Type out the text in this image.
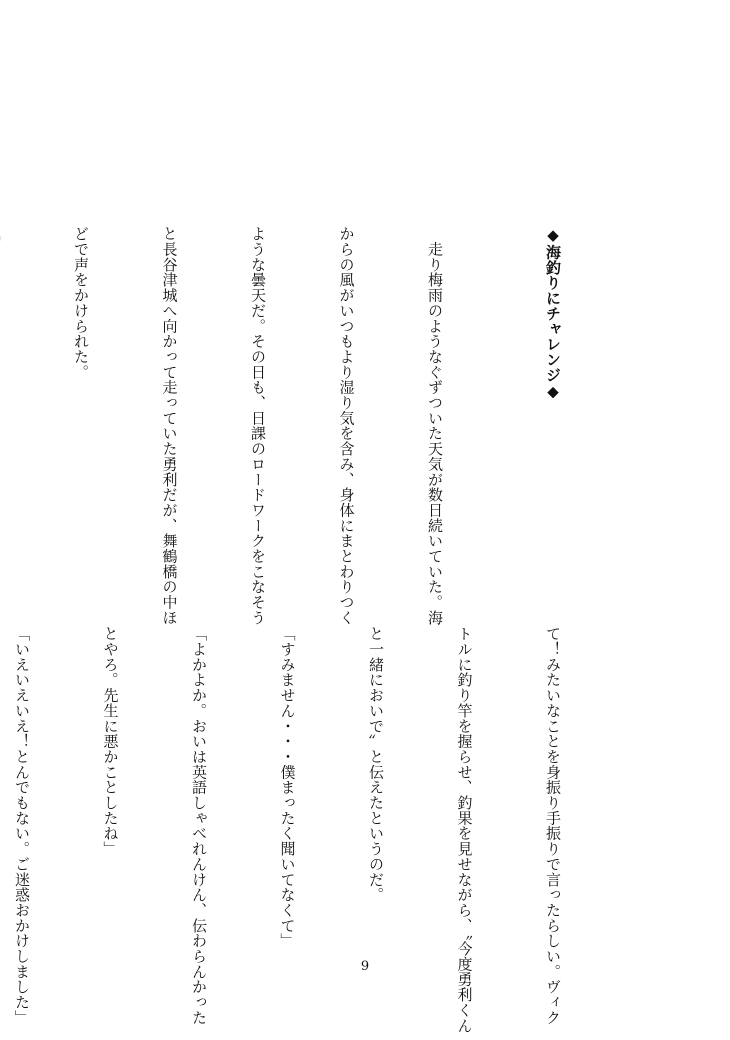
◆海釣りにチャレンジ◆

　走り梅雨のようなぐずついた天気が数日続いていた。海

からの風がいつもより湿り気を含み、身体にまとわりつく

ような曇天だ。その日も、日課のロードワークをこなそう

と長谷津城へ向かって走っていた勇利だが、舞鶴橋の中ほ

どで声をかけられた。

て！みたいなことを身振り手振りで言ったらしい。ヴィク

トルに釣り竿を握らせ、釣果を見せながら、〝今度勇利くん

と一緒においで〟と伝えたというのだ。

「すみません・・・僕まったく聞いてなくて」

「よかよか。おいは英語しゃべれんけん、伝わらんかった

とやろ。先生に悪かことしたね」

「いえいえいえ！とんでもない。ご迷惑おかけしました」

	9
